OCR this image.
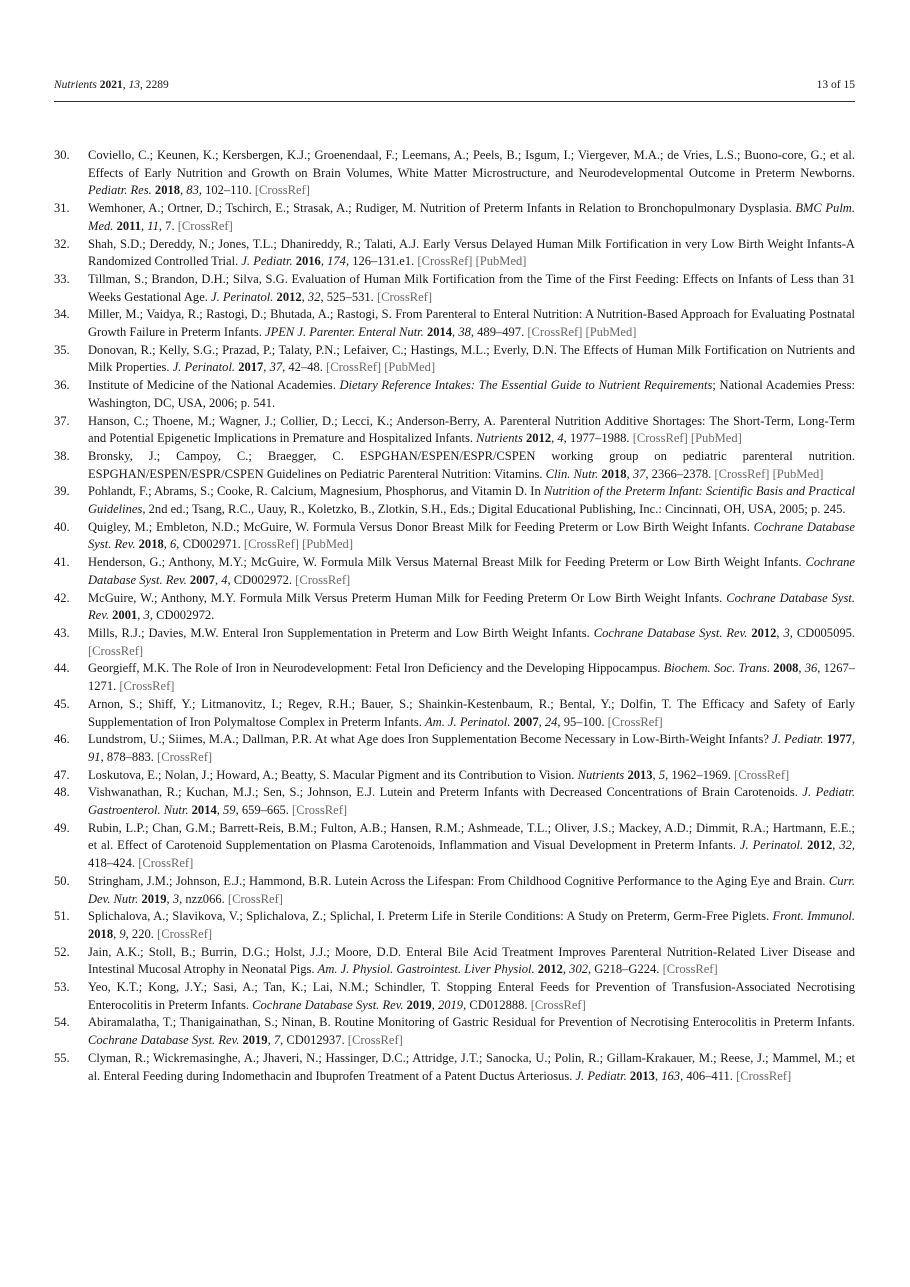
Nutrients 2021, 13, 2289	13 of 15
30. Coviello, C.; Keunen, K.; Kersbergen, K.J.; Groenendaal, F.; Leemans, A.; Peels, B.; Isgum, I.; Viergever, M.A.; de Vries, L.S.; Buono-core, G.; et al. Effects of Early Nutrition and Growth on Brain Volumes, White Matter Microstructure, and Neurodevelopmental Outcome in Preterm Newborns. Pediatr. Res. 2018, 83, 102–110. [CrossRef]
31. Wemhoner, A.; Ortner, D.; Tschirch, E.; Strasak, A.; Rudiger, M. Nutrition of Preterm Infants in Relation to Bronchopulmonary Dysplasia. BMC Pulm. Med. 2011, 11, 7. [CrossRef]
32. Shah, S.D.; Dereddy, N.; Jones, T.L.; Dhanireddy, R.; Talati, A.J. Early Versus Delayed Human Milk Fortification in very Low Birth Weight Infants-A Randomized Controlled Trial. J. Pediatr. 2016, 174, 126–131.e1. [CrossRef] [PubMed]
33. Tillman, S.; Brandon, D.H.; Silva, S.G. Evaluation of Human Milk Fortification from the Time of the First Feeding: Effects on Infants of Less than 31 Weeks Gestational Age. J. Perinatol. 2012, 32, 525–531. [CrossRef]
34. Miller, M.; Vaidya, R.; Rastogi, D.; Bhutada, A.; Rastogi, S. From Parenteral to Enteral Nutrition: A Nutrition-Based Approach for Evaluating Postnatal Growth Failure in Preterm Infants. JPEN J. Parenter. Enteral Nutr. 2014, 38, 489–497. [CrossRef] [PubMed]
35. Donovan, R.; Kelly, S.G.; Prazad, P.; Talaty, P.N.; Lefaiver, C.; Hastings, M.L.; Everly, D.N. The Effects of Human Milk Fortification on Nutrients and Milk Properties. J. Perinatol. 2017, 37, 42–48. [CrossRef] [PubMed]
36. Institute of Medicine of the National Academies. Dietary Reference Intakes: The Essential Guide to Nutrient Requirements; National Academies Press: Washington, DC, USA, 2006; p. 541.
37. Hanson, C.; Thoene, M.; Wagner, J.; Collier, D.; Lecci, K.; Anderson-Berry, A. Parenteral Nutrition Additive Shortages: The Short-Term, Long-Term and Potential Epigenetic Implications in Premature and Hospitalized Infants. Nutrients 2012, 4, 1977–1988. [CrossRef] [PubMed]
38. Bronsky, J.; Campoy, C.; Braegger, C. ESPGHAN/ESPEN/ESPR/CSPEN working group on pediatric parenteral nutrition. ESPGHAN/ESPEN/ESPR/CSPEN Guidelines on Pediatric Parenteral Nutrition: Vitamins. Clin. Nutr. 2018, 37, 2366–2378. [CrossRef] [PubMed]
39. Pohlandt, F.; Abrams, S.; Cooke, R. Calcium, Magnesium, Phosphorus, and Vitamin D. In Nutrition of the Preterm Infant: Scientific Basis and Practical Guidelines, 2nd ed.; Tsang, R.C., Uauy, R., Koletzko, B., Zlotkin, S.H., Eds.; Digital Educational Publishing, Inc.: Cincinnati, OH, USA, 2005; p. 245.
40. Quigley, M.; Embleton, N.D.; McGuire, W. Formula Versus Donor Breast Milk for Feeding Preterm or Low Birth Weight Infants. Cochrane Database Syst. Rev. 2018, 6, CD002971. [CrossRef] [PubMed]
41. Henderson, G.; Anthony, M.Y.; McGuire, W. Formula Milk Versus Maternal Breast Milk for Feeding Preterm or Low Birth Weight Infants. Cochrane Database Syst. Rev. 2007, 4, CD002972. [CrossRef]
42. McGuire, W.; Anthony, M.Y. Formula Milk Versus Preterm Human Milk for Feeding Preterm Or Low Birth Weight Infants. Cochrane Database Syst. Rev. 2001, 3, CD002972.
43. Mills, R.J.; Davies, M.W. Enteral Iron Supplementation in Preterm and Low Birth Weight Infants. Cochrane Database Syst. Rev. 2012, 3, CD005095. [CrossRef]
44. Georgieff, M.K. The Role of Iron in Neurodevelopment: Fetal Iron Deficiency and the Developing Hippocampus. Biochem. Soc. Trans. 2008, 36, 1267–1271. [CrossRef]
45. Arnon, S.; Shiff, Y.; Litmanovitz, I.; Regev, R.H.; Bauer, S.; Shainkin-Kestenbaum, R.; Bental, Y.; Dolfin, T. The Efficacy and Safety of Early Supplementation of Iron Polymaltose Complex in Preterm Infants. Am. J. Perinatol. 2007, 24, 95–100. [CrossRef]
46. Lundstrom, U.; Siimes, M.A.; Dallman, P.R. At what Age does Iron Supplementation Become Necessary in Low-Birth-Weight Infants? J. Pediatr. 1977, 91, 878–883. [CrossRef]
47. Loskutova, E.; Nolan, J.; Howard, A.; Beatty, S. Macular Pigment and its Contribution to Vision. Nutrients 2013, 5, 1962–1969. [CrossRef]
48. Vishwanathan, R.; Kuchan, M.J.; Sen, S.; Johnson, E.J. Lutein and Preterm Infants with Decreased Concentrations of Brain Carotenoids. J. Pediatr. Gastroenterol. Nutr. 2014, 59, 659–665. [CrossRef]
49. Rubin, L.P.; Chan, G.M.; Barrett-Reis, B.M.; Fulton, A.B.; Hansen, R.M.; Ashmeade, T.L.; Oliver, J.S.; Mackey, A.D.; Dimmit, R.A.; Hartmann, E.E.; et al. Effect of Carotenoid Supplementation on Plasma Carotenoids, Inflammation and Visual Development in Preterm Infants. J. Perinatol. 2012, 32, 418–424. [CrossRef]
50. Stringham, J.M.; Johnson, E.J.; Hammond, B.R. Lutein Across the Lifespan: From Childhood Cognitive Performance to the Aging Eye and Brain. Curr. Dev. Nutr. 2019, 3, nzz066. [CrossRef]
51. Splichalova, A.; Slavikova, V.; Splichalova, Z.; Splichal, I. Preterm Life in Sterile Conditions: A Study on Preterm, Germ-Free Piglets. Front. Immunol. 2018, 9, 220. [CrossRef]
52. Jain, A.K.; Stoll, B.; Burrin, D.G.; Holst, J.J.; Moore, D.D. Enteral Bile Acid Treatment Improves Parenteral Nutrition-Related Liver Disease and Intestinal Mucosal Atrophy in Neonatal Pigs. Am. J. Physiol. Gastrointest. Liver Physiol. 2012, 302, G218–G224. [CrossRef]
53. Yeo, K.T.; Kong, J.Y.; Sasi, A.; Tan, K.; Lai, N.M.; Schindler, T. Stopping Enteral Feeds for Prevention of Transfusion-Associated Necrotising Enterocolitis in Preterm Infants. Cochrane Database Syst. Rev. 2019, 2019, CD012888. [CrossRef]
54. Abiramalatha, T.; Thanigainathan, S.; Ninan, B. Routine Monitoring of Gastric Residual for Prevention of Necrotising Enterocolitis in Preterm Infants. Cochrane Database Syst. Rev. 2019, 7, CD012937. [CrossRef]
55. Clyman, R.; Wickremasinghe, A.; Jhaveri, N.; Hassinger, D.C.; Attridge, J.T.; Sanocka, U.; Polin, R.; Gillam-Krakauer, M.; Reese, J.; Mammel, M.; et al. Enteral Feeding during Indomethacin and Ibuprofen Treatment of a Patent Ductus Arteriosus. J. Pediatr. 2013, 163, 406–411. [CrossRef]
